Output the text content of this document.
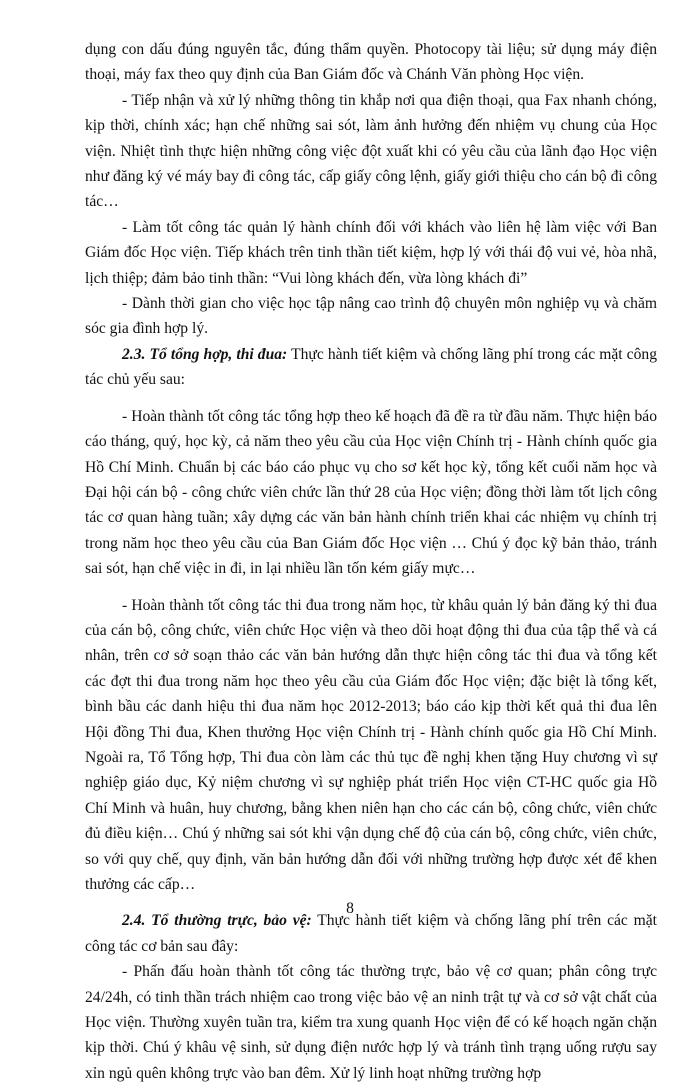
dụng con dấu đúng nguyên tắc, đúng thẩm quyền. Photocopy tài liệu; sử dụng máy điện thoại, máy fax theo quy định của Ban Giám đốc và Chánh Văn phòng Học viện.

- Tiếp nhận và xử lý những thông tin khắp nơi qua điện thoại, qua Fax nhanh chóng, kịp thời, chính xác; hạn chế những sai sót, làm ảnh hưởng đến nhiệm vụ chung của Học viện. Nhiệt tình thực hiện những công việc đột xuất khi có yêu cầu của lãnh đạo Học viện như đăng ký vé máy bay đi công tác, cấp giấy công lệnh, giấy giới thiệu cho cán bộ đi công tác…

- Làm tốt công tác quản lý hành chính đối với khách vào liên hệ làm việc với Ban Giám đốc Học viện. Tiếp khách trên tinh thần tiết kiệm, hợp lý với thái độ vui vẻ, hòa nhã, lịch thiệp; đảm bảo tinh thần: “Vui lòng khách đến, vừa lòng khách đi”

- Dành thời gian cho việc học tập nâng cao trình độ chuyên môn nghiệp vụ và chăm sóc gia đình hợp lý.

2.3. Tổ tổng hợp, thi đua: Thực hành tiết kiệm và chống lãng phí trong các mặt công tác chủ yếu sau:

- Hoàn thành tốt công tác tổng hợp theo kế hoạch đã đề ra từ đầu năm. Thực hiện báo cáo tháng, quý, học kỳ, cả năm theo yêu cầu của Học viện Chính trị - Hành chính quốc gia Hồ Chí Minh. Chuẩn bị các báo cáo phục vụ cho sơ kết học kỳ, tổng kết cuối năm học và Đại hội cán bộ - công chức viên chức lần thứ 28 của Học viện; đồng thời làm tốt lịch công tác cơ quan hàng tuần; xây dựng các văn bản hành chính triển khai các nhiệm vụ chính trị trong năm học theo yêu cầu của Ban Giám đốc Học viện … Chú ý đọc kỹ bản thảo, tránh sai sót, hạn chế việc in đi, in lại nhiều lần tốn kém giấy mực…

- Hoàn thành tốt công tác thi đua trong năm học, từ khâu quản lý bản đăng ký thi đua của cán bộ, công chức, viên chức Học viện và theo dõi hoạt động thi đua của tập thể và cá nhân, trên cơ sở soạn thảo các văn bản hướng dẫn thực hiện công tác thi đua và tổng kết các đợt thi đua trong năm học theo yêu cầu của Giám đốc Học viện; đặc biệt là tổng kết, bình bầu các danh hiệu thi đua năm học 2012-2013; báo cáo kịp thời kết quả thi đua lên Hội đồng Thi đua, Khen thưởng Học viện Chính trị - Hành chính quốc gia Hồ Chí Minh. Ngoài ra, Tổ Tổng hợp, Thi đua còn làm các thủ tục đề nghị khen tặng Huy chương vì sự nghiệp giáo dục, Kỷ niệm chương vì sự nghiệp phát triển Học viện CT-HC quốc gia Hồ Chí Minh và huân, huy chương, bằng khen niên hạn cho các cán bộ, công chức, viên chức đủ điều kiện… Chú ý những sai sót khi vận dụng chế độ của cán bộ, công chức, viên chức, so với quy chế, quy định, văn bản hướng dẫn đối với những trường hợp được xét để khen thưởng các cấp…

2.4. Tổ thường trực, bảo vệ: Thực hành tiết kiệm và chống lãng phí trên các mặt công tác cơ bản sau đây:

- Phấn đấu hoàn thành tốt công tác thường trực, bảo vệ cơ quan; phân công trực 24/24h, có tinh thần trách nhiệm cao trong việc bảo vệ an ninh trật tự và cơ sở vật chất của Học viện. Thường xuyên tuần tra, kiểm tra xung quanh Học viện để có kế hoạch ngăn chặn kịp thời. Chú ý khâu vệ sinh, sử dụng điện nước hợp lý và tránh tình trạng uống rượu say xỉn ngủ quên không trực vào ban đêm. Xử lý linh hoạt những trường hợp

8
